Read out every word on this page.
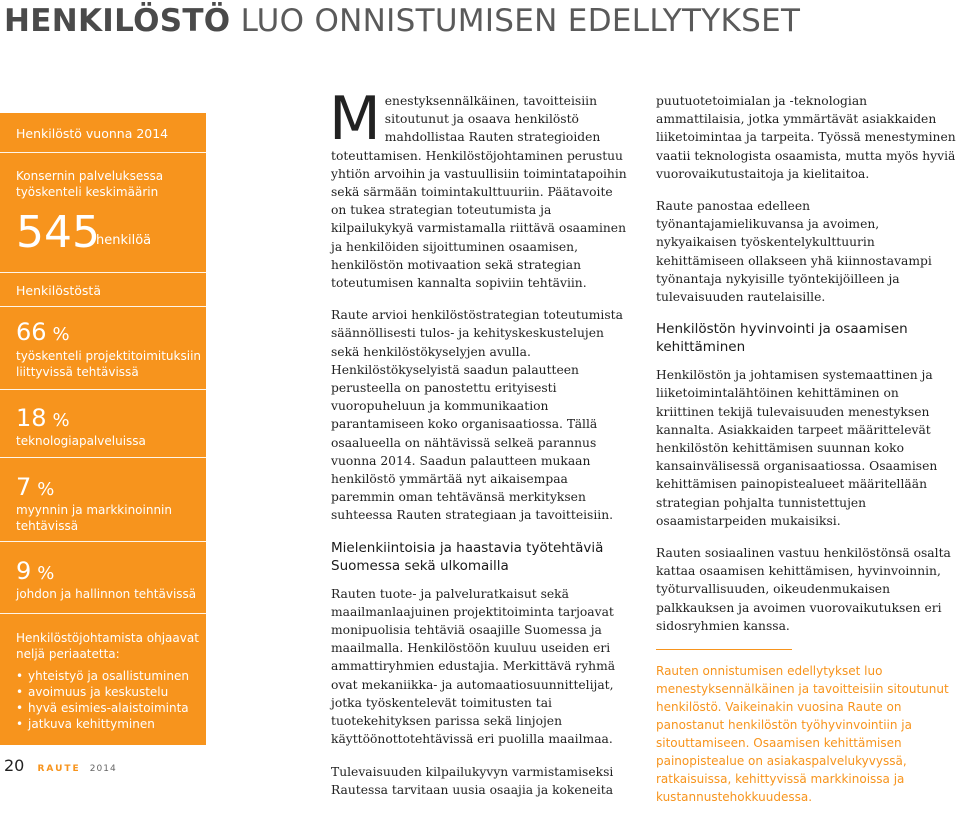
HENKILÖSTÖ LUO ONNISTUMISEN EDELLYTYKSET
Henkilöstö vuonna 2014
Konsernin palveluksessa
työskenteli keskimäärin
545
henkilöä
Henkilöstöstä
66 %
työskenteli projektitoimituksiin
liittyvissä tehtävissä
18 %
teknologiapalveluissa
7 %
myynnin ja markkinoinnin
tehtävissä
9 %
johdon ja hallinnon tehtävissä
Henkilöstöjohtamista ohjaavat
neljä periaatetta:
• yhteistyö ja osallistuminen
• avoimuus ja keskustelu
• hyvä esimies-alaistoiminta
• jatkuva kehittyminen
20 RAUTE 2014

Menestyksennälkäinen, tavoitteisiin sitoutunut ja osaava henkilöstö mahdollistaa Rauten strategioiden toteuttamisen. Henkilöstöjohtaminen perustuu yhtiön arvoihin ja vastuullisiin toimintatapoihin sekä särmään toimintakulttuuriin. Päätavoite on tukea strategian toteutumista ja kilpailukykyä varmistamalla riittävä osaaminen ja henkilöiden sijoittuminen osaamisen, henkilöstön motivaation sekä strategian toteutumisen kannalta sopiviin tehtäviin.

Raute arvioi henkilöstöstrategian toteutumista säännöllisesti tulos- ja kehityskeskustelujen sekä henkilöstökyselyjen avulla. Henkilöstökyselyistä saadun palautteen perusteella on panostettu erityisesti vuoropuheluun ja kommunikaation parantamiseen koko organisaatiossa. Tällä osaalueella on nähtävissä selkeä parannus vuonna 2014. Saadun palautteen mukaan henkilöstö ymmärtää nyt aikaisempaa paremmin oman tehtävänsä merkityksen suhteessa Rauten strategiaan ja tavoitteisiin.

Mielenkiintoisia ja haastavia työtehtäviä Suomessa sekä ulkomailla

Rauten tuote- ja palveluratkaisut sekä maailmanlaajuinen projektitoiminta tarjoavat monipuolisia tehtäviä osaajille Suomessa ja maailmalla. Henkilöstöön kuuluu useiden eri ammattiryhmien edustajia. Merkittävä ryhmä ovat mekaniikka- ja automaatiosuunnittelijat, jotka työskentelevät toimitusten tai tuotekehityksen parissa sekä linjojen käyttöönottotehtävissä eri puolilla maailmaa.

Tulevaisuuden kilpailukyvyn varmistamiseksi Rautessa tarvitaan uusia osaajia ja kokeneita

puutuotetoimialan ja -teknologian ammattilaisia, jotka ymmärtävät asiakkaiden liiketoimintaa ja tarpeita. Työssä menestyminen vaatii teknologista osaamista, mutta myös hyviä vuorovaikutustaitoja ja kielitaitoa.

Raute panostaa edelleen työnantajamielikuvansa ja avoimen, nykyaikaisen työskentelykulttuurin kehittämiseen ollakseen yhä kiinnostavampi työnantaja nykyisille työntekijöilleen ja tulevaisuuden rautelaisille.

Henkilöstön hyvinvointi ja osaamisen kehittäminen

Henkilöstön ja johtamisen systemaattinen ja liiketoimintalähtöinen kehittäminen on kriittinen tekijä tulevaisuuden menestyksen kannalta. Asiakkaiden tarpeet määrittelevät henkilöstön kehittämisen suunnan koko kansainvälisessä organisaatiossa. Osaamisen kehittämisen painopistealueet määritellään strategian pohjalta tunnistettujen osaamistarpeiden mukaisiksi.

Rauten sosiaalinen vastuu henkilöstönsä osalta kattaa osaamisen kehittämisen, hyvinvoinnin, työturvallisuuden, oikeudenmukaisen palkkauksen ja avoimen vuorovaikutuksen eri sidosryhmien kanssa.

Rauten onnistumisen edellytykset luo menestyksennälkäinen ja tavoitteisiin sitoutunut henkilöstö. Vaikeinakin vuosina Raute on panostanut henkilöstön työhyvinvointiin ja sitouttamiseen. Osaamisen kehittämisen painopistealue on asiakaspalvelukyvyssä, ratkaisuissa, kehittyvissä markkinoissa ja kustannustehokkuudessa.
